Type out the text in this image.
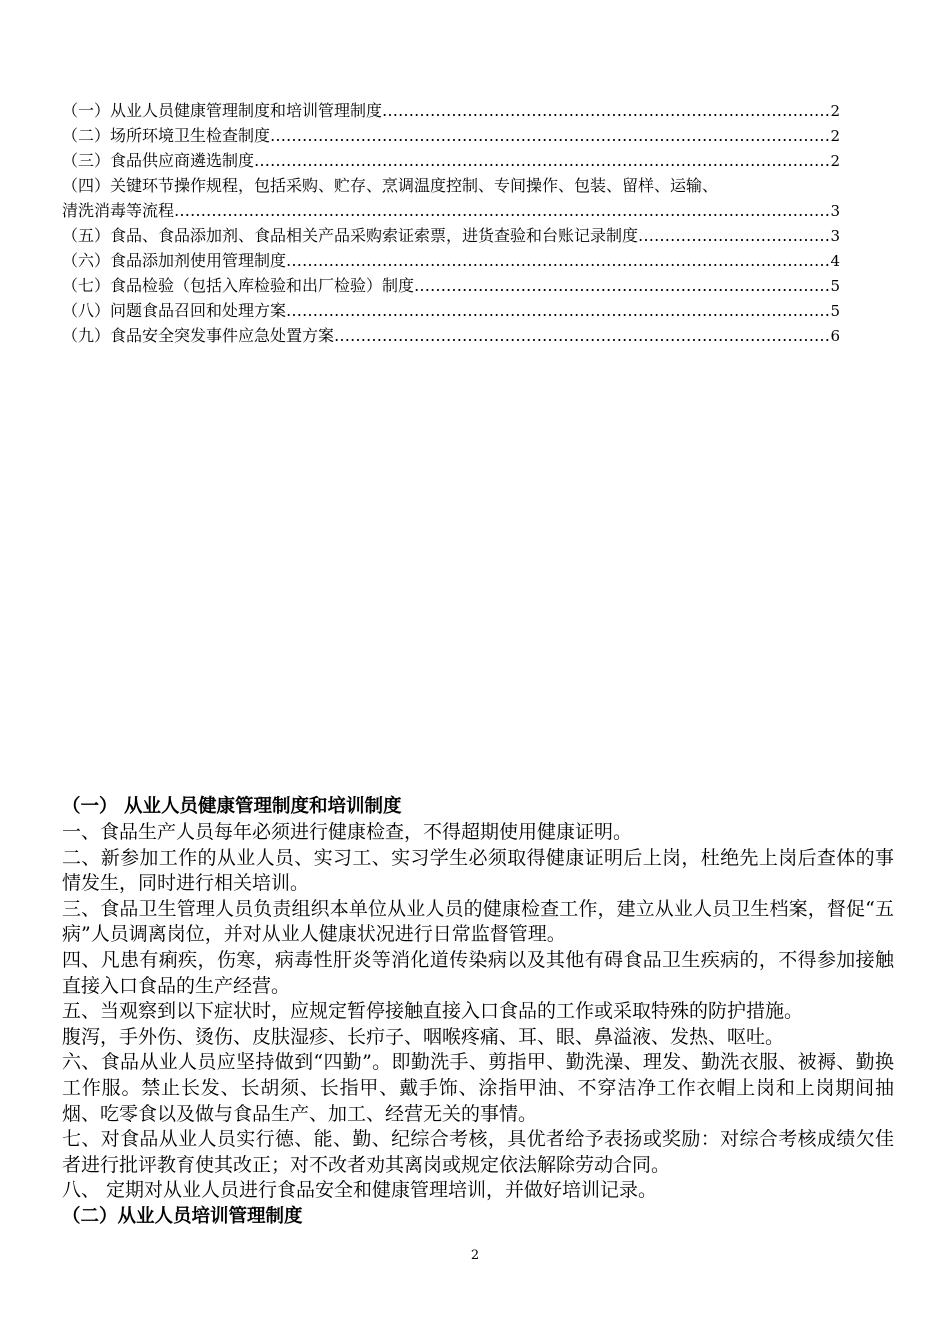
（一）从业人员健康管理制度和培训管理制度 ……………………………………………………………………………………………………………………………………………………………………………………	2
（二）场所环境卫生检查制度 ……………………………………………………………………………………………………………………………………………………………………………………	2
（三）食品供应商遴选制度 ……………………………………………………………………………………………………………………………………………………………………………………	2
（四）关键环节操作规程，包括采购、贮存、烹调温度控制、专间操作、包装、留样、运输、
清洗消毒等流程 ……………………………………………………………………………………………………………………………………………………………………………………	3
（五）食品、食品添加剂、食品相关产品采购索证索票，进货查验和台账记录制度 ……………………………………………………………………………………………………………………………………………………………………………………	3
（六）食品添加剂使用管理制度 ……………………………………………………………………………………………………………………………………………………………………………………	4
（七）食品检验（包括入库检验和出厂检验）制度 ……………………………………………………………………………………………………………………………………………………………………………………	5
（八）问题食品召回和处理方案 ……………………………………………………………………………………………………………………………………………………………………………………	5
（九）食品安全突发事件应急处置方案 ……………………………………………………………………………………………………………………………………………………………………………………	6
（一） 从业人员健康管理制度和培训制度
一、食品生产人员每年必须进行健康检查，不得超期使用健康证明。
二、新参加工作的从业人员、实习工、实习学生必须取得健康证明后上岗，杜绝先上岗后查体的事情发生，同时进行相关培训。
三、食品卫生管理人员负责组织本单位从业人员的健康检查工作，建立从业人员卫生档案，督促“五病”人员调离岗位，并对从业人健康状况进行日常监督管理。
四、凡患有痢疾，伤寒，病毒性肝炎等消化道传染病以及其他有碍食品卫生疾病的，不得参加接触直接入口食品的生产经营。
五、当观察到以下症状时，应规定暂停接触直接入口食品的工作或采取特殊的防护措施。
腹泻，手外伤、烫伤、皮肤湿疹、长疖子、咽喉疼痛、耳、眼、鼻溢液、发热、呕吐。
六、食品从业人员应坚持做到“四勤”。即勤洗手、剪指甲、勤洗澡、理发、勤洗衣服、被褥、勤换工作服。禁止长发、长胡须、长指甲、戴手饰、涂指甲油、不穿洁净工作衣帽上岗和上岗期间抽烟、吃零食以及做与食品生产、加工、经营无关的事情。
七、对食品从业人员实行德、能、勤、纪综合考核，具优者给予表扬或奖励：对综合考核成绩欠佳者进行批评教育使其改正；对不改者劝其离岗或规定依法解除劳动合同。
八、 定期对从业人员进行食品安全和健康管理培训，并做好培训记录。
（二）从业人员培训管理制度
2
